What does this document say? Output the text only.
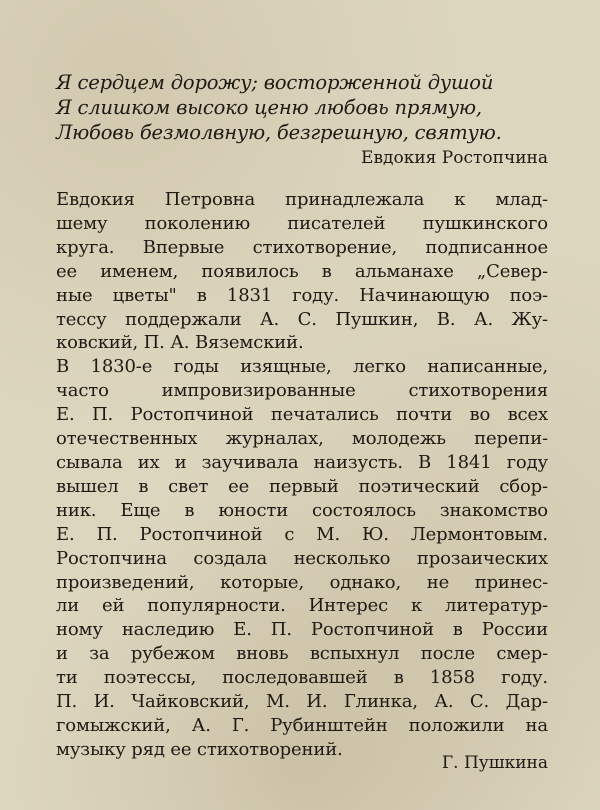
Я сердцем дорожу; восторженной душой
Я слишком высоко ценю любовь прямую,
Любовь безмолвную, безгрешную, святую.
Евдокия Ростопчина
Евдокия Петровна принадлежала к млад-
шему поколению писателей пушкинского
круга. Впервые стихотворение, подписанное
ее именем, появилось в альманахе „Север-
ные цветы" в 1831 году. Начинающую поэ-
тессу поддержали А. С. Пушкин, В. А. Жу-
ковский, П. А. Вяземский.
В 1830-е годы изящные, легко написанные,
часто импровизированные стихотворения
Е. П. Ростопчиной печатались почти во всех
отечественных журналах, молодежь перепи-
сывала их и заучивала наизусть. В 1841 году
вышел в свет ее первый поэтический сбор-
ник. Еще в юности состоялось знакомство
Е. П. Ростопчиной с М. Ю. Лермонтовым.
Ростопчина создала несколько прозаических
произведений, которые, однако, не принес-
ли ей популярности. Интерес к литератур-
ному наследию Е. П. Ростопчиной в России
и за рубежом вновь вспыхнул после смер-
ти поэтессы, последовавшей в 1858 году.
П. И. Чайковский, М. И. Глинка, А. С. Дар-
гомыжский, А. Г. Рубинштейн положили на
музыку ряд ее стихотворений.
Г. Пушкина
